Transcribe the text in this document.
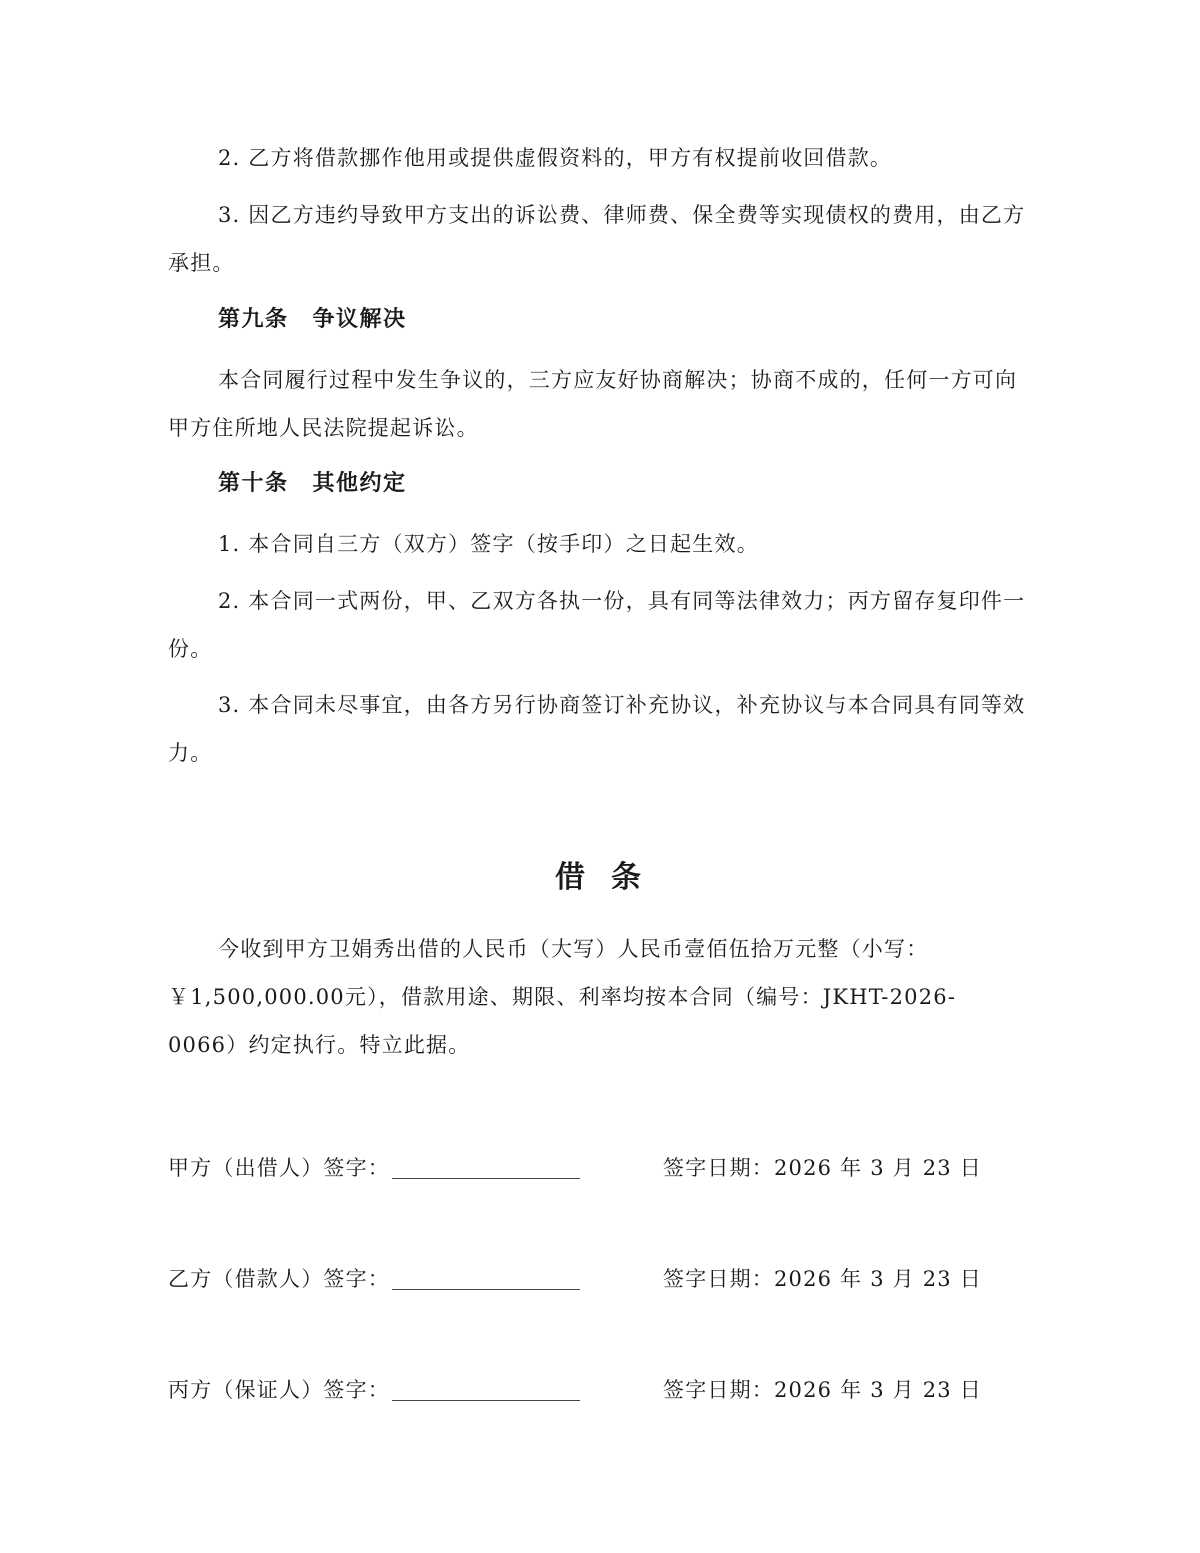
2. 乙方将借款挪作他用或提供虚假资料的，甲方有权提前收回借款。

3. 因乙方违约导致甲方支出的诉讼费、律师费、保全费等实现债权的费用，由乙方承担。

第九条 争议解决

本合同履行过程中发生争议的，三方应友好协商解决；协商不成的，任何一方可向甲方住所地人民法院提起诉讼。

第十条 其他约定

1. 本合同自三方（双方）签字（按手印）之日起生效。

2. 本合同一式两份，甲、乙双方各执一份，具有同等法律效力；丙方留存复印件一份。

3. 本合同未尽事宜，由各方另行协商签订补充协议，补充协议与本合同具有同等效力。

借条
今收到甲方卫娟秀出借的人民币（大写）人民币壹佰伍拾万元整（小写：
￥1,500,000.00元），借款用途、期限、利率均按本合同（编号：JKHT-2026-
0066）约定执行。特立此据。
甲方（出借人）签字：	签字日期：2026 年 3 月 23 日
乙方（借款人）签字：	签字日期：2026 年 3 月 23 日
丙方（保证人）签字：	签字日期：2026 年 3 月 23 日
